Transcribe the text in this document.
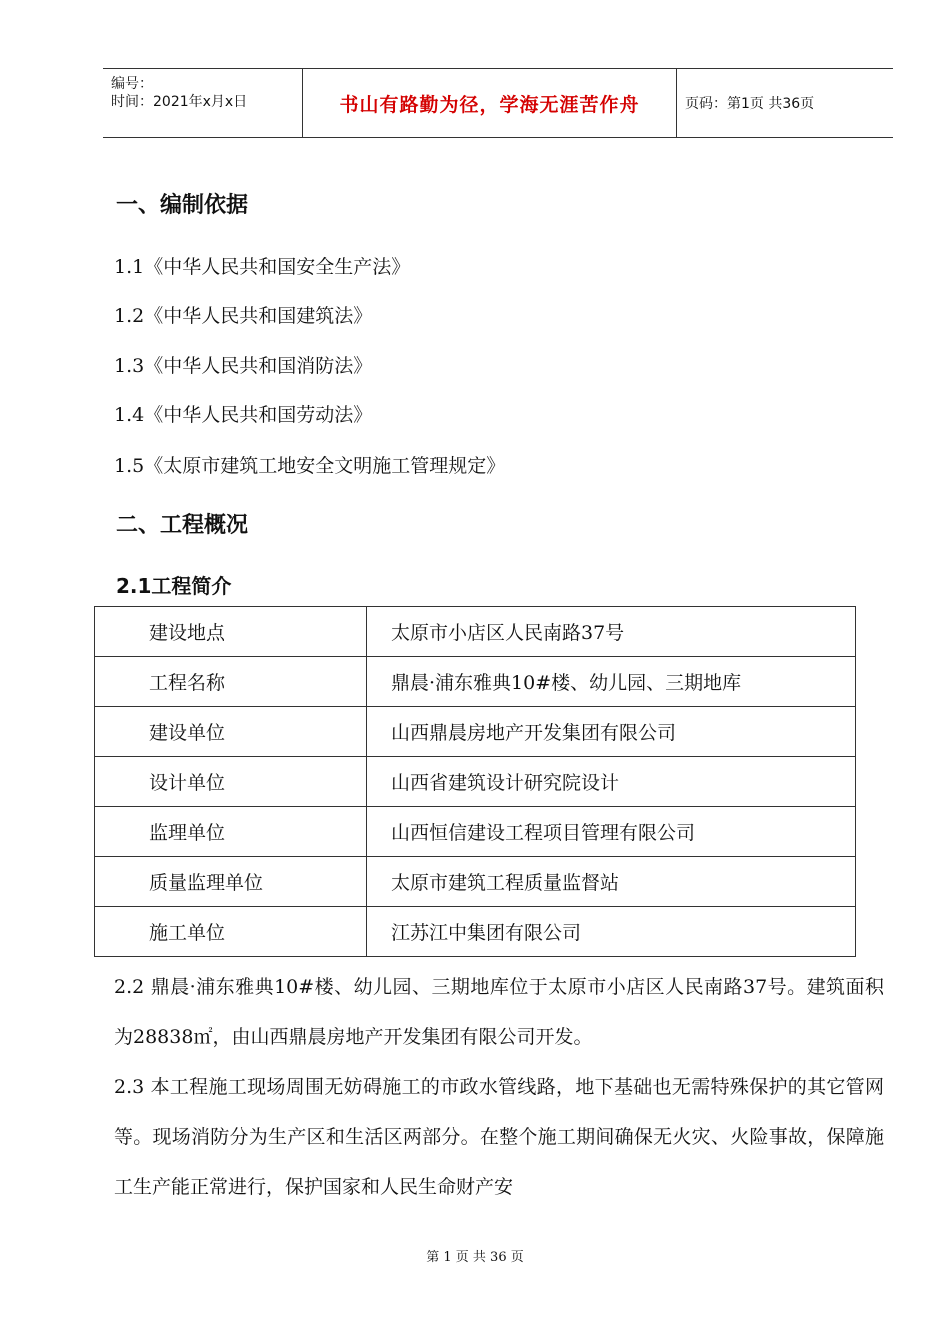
编号：
时间：2021年x月x日	书山有路勤为径，学海无涯苦作舟	页码：第1页 共36页
一、编制依据

1.1《中华人民共和国安全生产法》

1.2《中华人民共和国建筑法》

1.3《中华人民共和国消防法》

1.4《中华人民共和国劳动法》

1.5《太原市建筑工地安全文明施工管理规定》

二、工程概况
2.1工程简介
建设地点	太原市小店区人民南路37号
工程名称	鼎晨·浦东雅典10#楼、幼儿园、三期地库
建设单位	山西鼎晨房地产开发集团有限公司
设计单位	山西省建筑设计研究院设计
监理单位	山西恒信建设工程项目管理有限公司
质量监理单位	太原市建筑工程质量监督站
施工单位	江苏江中集团有限公司

2.2 鼎晨·浦东雅典10#楼、幼儿园、三期地库位于太原市小店区人民南路37号。建筑面积为28838㎡，由山西鼎晨房地产开发集团有限公司开发。

2.3 本工程施工现场周围无妨碍施工的市政水管线路，地下基础也无需特殊保护的其它管网等。现场消防分为生产区和生活区两部分。在整个施工期间确保无火灾、火险事故，保障施工生产能正常进行，保护国家和人民生命财产安

第 1 页 共 36 页
